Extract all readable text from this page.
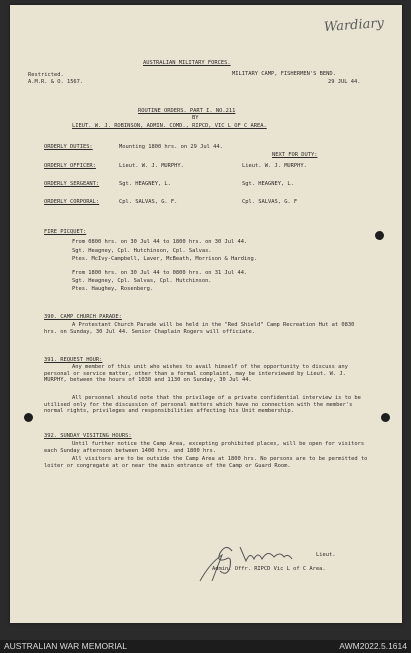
Wardiary
AUSTRALIAN MILITARY FORCES.
Restricted.
A.M.R. & O. 1567.
MILITARY CAMP, FISHERMEN'S BEND.
29 JUL 44.
ROUTINE ORDERS. PART I. NO.211
BY
LIEUT. W. J. ROBINSON, ADMIN. COMD., RIPCD, VIC L OF C AREA.
ORDERLY DUTIES:	Mounting 1800 hrs. on 29 Jul 44.
NEXT FOR DUTY:
ORDERLY OFFICER:	Lieut. W. J. MURPHY.	Lieut. W. J. MURPHY.
ORDERLY SERGEANT:	Sgt. HEAGNEY, L.	Sgt. HEAGNEY, L.
ORDERLY CORPORAL:	Cpl. SALVAS, G. F.	Cpl. SALVAS, G. F
FIRE PICQUET:
From 0800 hrs. on 30 Jul 44 to 1800 hrs. on 30 Jul 44.
Sgt. Heagney, Cpl. Hutchinson, Cpl. Salvas.
Ptes. McIvy-Campbell, Laver, McBeath, Morrison & Harding.
From 1800 hrs. on 30 Jul 44 to 0800 hrs. on 31 Jul 44.
Sgt. Heagney, Cpl. Salvas, Cpl. Hutchinson.
Ptes. Haughey, Rosenberg.
390. CAMP CHURCH PARADE:
A Protestant Church Parade will be held in the "Red Shield" Camp Recreation Hut at 0830 hrs. on Sunday, 30 Jul 44. Senior Chaplain Rogers will officiate.
391. REQUEST HOUR:
Any member of this unit who wishes to avail himself of the opportunity to discuss any personal or service matter, other than a formal complaint, may be interviewed by Lieut. W. J. MURPHY, between the hours of 1030 and 1130 on Sunday, 30 Jul 44.
All personnel should note that the privilege of a private confidential interview is to be utilised only for the discussion of personal matters which have no connection with the member's normal rights, privileges and responsibilities affecting his Unit membership.
392. SUNDAY VISITING HOURS:
Until further notice the Camp Area, excepting prohibited places, will be open for visitors each Sunday afternoon between 1400 hrs. and 1800 hrs.
All visitors are to be outside the Camp Area at 1800 hrs. No persons are to be permitted to loiter or congregate at or near the main entrance of the Camp or Guard Room.
Lieut.
Admin. Offr. RIPCD Vic L of C Area.
AUSTRALIAN WAR MEMORIAL	AWM2022.5.1614
